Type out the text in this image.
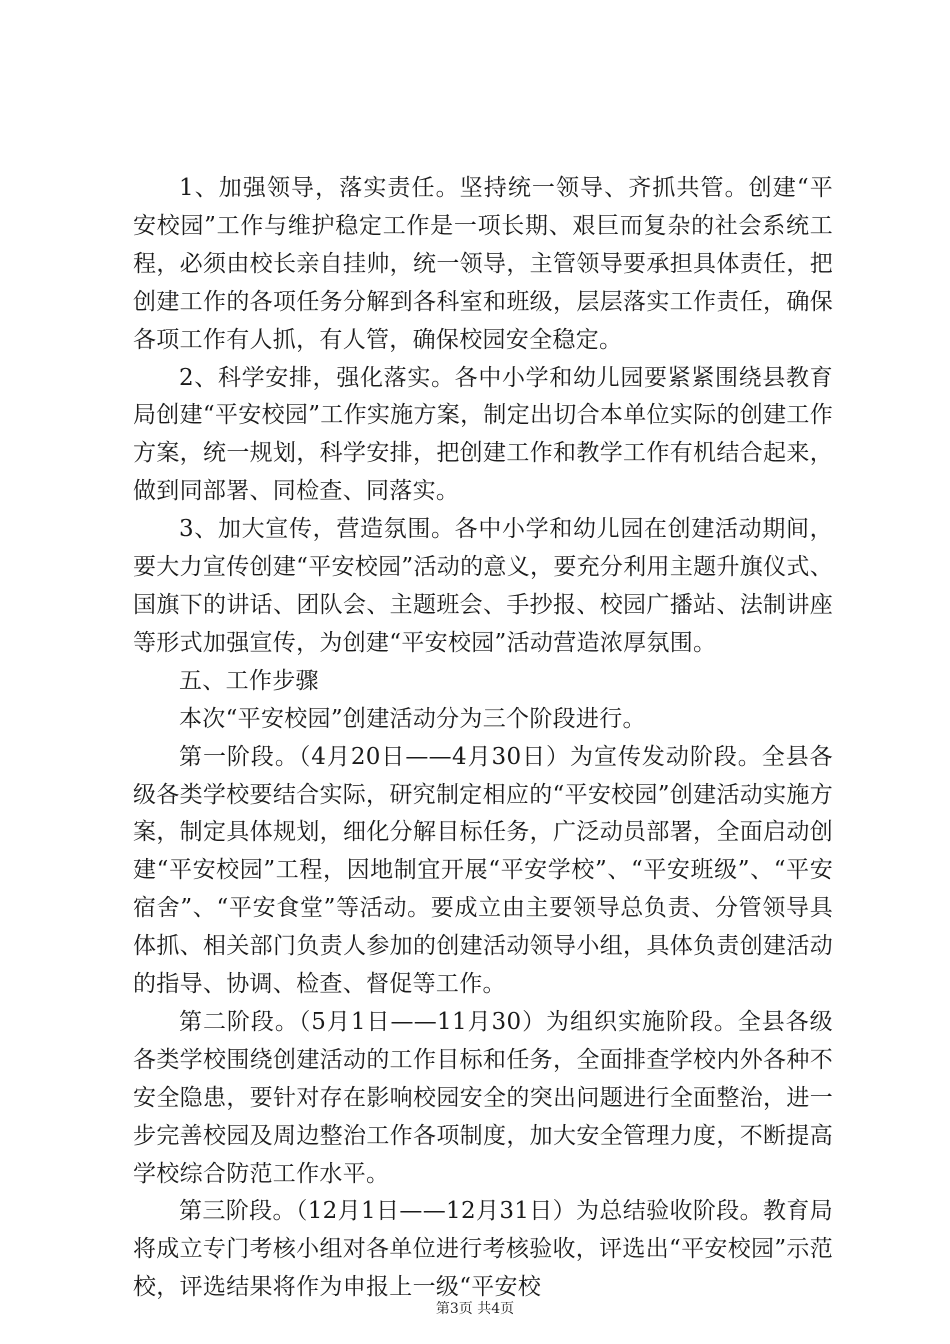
1、加强领导，落实责任。坚持统一领导、齐抓共管。创建“平安校园”工作与维护稳定工作是一项长期、艰巨而复杂的社会系统工程，必须由校长亲自挂帅，统一领导，主管领导要承担具体责任，把创建工作的各项任务分解到各科室和班级，层层落实工作责任，确保各项工作有人抓，有人管，确保校园安全稳定。

2、科学安排，强化落实。各中小学和幼儿园要紧紧围绕县教育局创建“平安校园”工作实施方案，制定出切合本单位实际的创建工作方案，统一规划，科学安排，把创建工作和教学工作有机结合起来，做到同部署、同检查、同落实。

3、加大宣传，营造氛围。各中小学和幼儿园在创建活动期间，要大力宣传创建“平安校园”活动的意义，要充分利用主题升旗仪式、国旗下的讲话、团队会、主题班会、手抄报、校园广播站、法制讲座等形式加强宣传，为创建“平安校园”活动营造浓厚氛围。

五、工作步骤

本次“平安校园”创建活动分为三个阶段进行。

第一阶段。（4月20日——4月30日）为宣传发动阶段。全县各级各类学校要结合实际，研究制定相应的“平安校园”创建活动实施方案，制定具体规划，细化分解目标任务，广泛动员部署，全面启动创建“平安校园”工程，因地制宜开展“平安学校”、“平安班级”、“平安宿舍”、“平安食堂”等活动。要成立由主要领导总负责、分管领导具体抓、相关部门负责人参加的创建活动领导小组，具体负责创建活动的指导、协调、检查、督促等工作。

第二阶段。（5月1日——11月30）为组织实施阶段。全县各级各类学校围绕创建活动的工作目标和任务，全面排查学校内外各种不安全隐患，要针对存在影响校园安全的突出问题进行全面整治，进一步完善校园及周边整治工作各项制度，加大安全管理力度，不断提高学校综合防范工作水平。

第三阶段。（12月1日——12月31日）为总结验收阶段。教育局将成立专门考核小组对各单位进行考核验收，评选出“平安校园”示范校，评选结果将作为申报上一级“平安校

第3页 共4页
